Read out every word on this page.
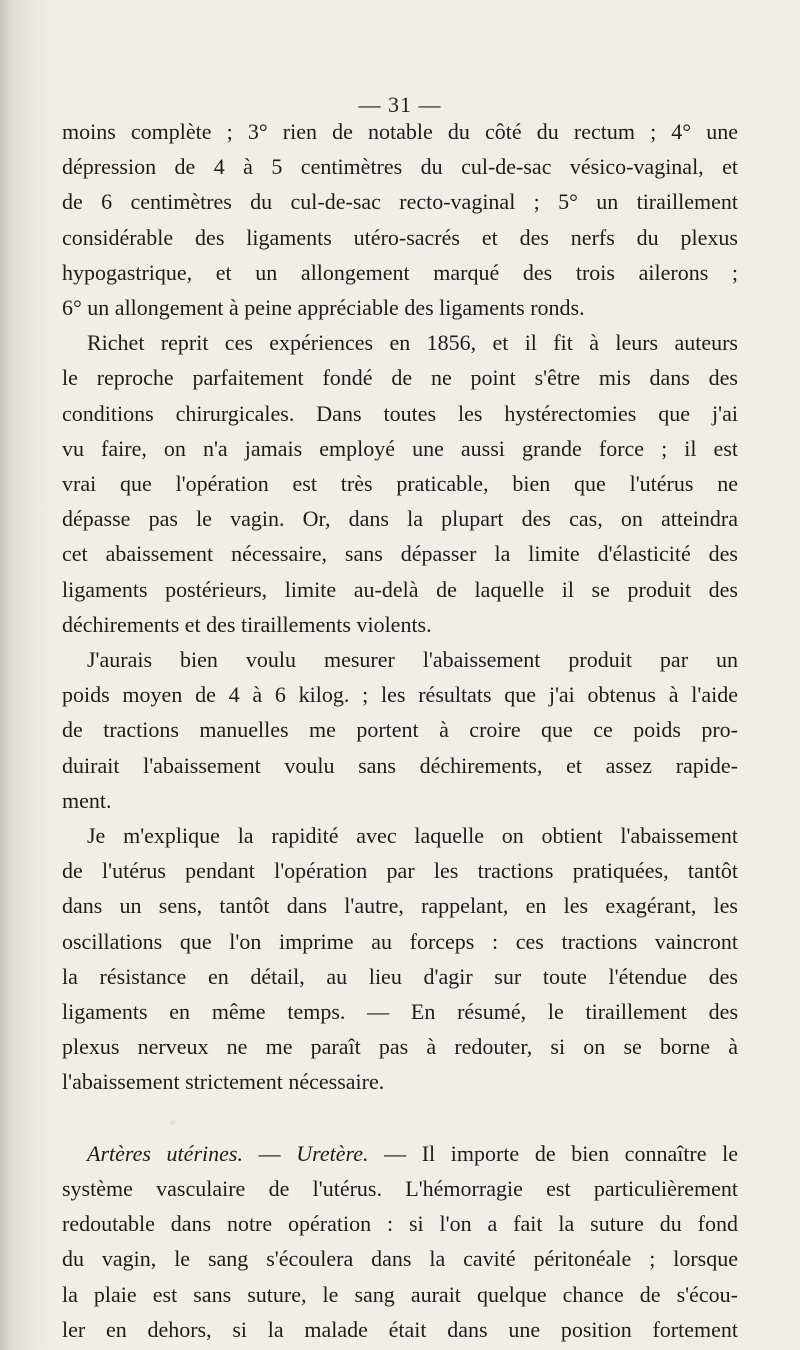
— 31 —

moins complète ; 3° rien de notable du côté du rectum ; 4° une
dépression de 4 à 5 centimètres du cul-de-sac vésico-vaginal, et
de 6 centimètres du cul-de-sac recto-vaginal ; 5° un tiraillement
considérable des ligaments utéro-sacrés et des nerfs du plexus
hypogastrique, et un allongement marqué des trois ailerons ;
6° un allongement à peine appréciable des ligaments ronds.

Richet reprit ces expériences en 1856, et il fit à leurs auteurs
le reproche parfaitement fondé de ne point s'être mis dans des
conditions chirurgicales. Dans toutes les hystérectomies que j'ai
vu faire, on n'a jamais employé une aussi grande force ; il est
vrai que l'opération est très praticable, bien que l'utérus ne
dépasse pas le vagin. Or, dans la plupart des cas, on atteindra
cet abaissement nécessaire, sans dépasser la limite d'élasticité des
ligaments postérieurs, limite au-delà de laquelle il se produit des
déchirements et des tiraillements violents.

J'aurais bien voulu mesurer l'abaissement produit par un
poids moyen de 4 à 6 kilog. ; les résultats que j'ai obtenus à l'aide
de tractions manuelles me portent à croire que ce poids pro-
duirait l'abaissement voulu sans déchirements, et assez rapide-
ment.

Je m'explique la rapidité avec laquelle on obtient l'abaissement
de l'utérus pendant l'opération par les tractions pratiquées, tantôt
dans un sens, tantôt dans l'autre, rappelant, en les exagérant, les
oscillations que l'on imprime au forceps : ces tractions vaincront
la résistance en détail, au lieu d'agir sur toute l'étendue des
ligaments en même temps. — En résumé, le tiraillement des
plexus nerveux ne me paraît pas à redouter, si on se borne à
l'abaissement strictement nécessaire.

Artères utérines. — Uretère. — Il importe de bien connaître le
système vasculaire de l'utérus. L'hémorragie est particulièrement
redoutable dans notre opération : si l'on a fait la suture du fond
du vagin, le sang s'écoulera dans la cavité péritonéale ; lorsque
la plaie est sans suture, le sang aurait quelque chance de s'écou-
ler en dehors, si la malade était dans une position fortement
